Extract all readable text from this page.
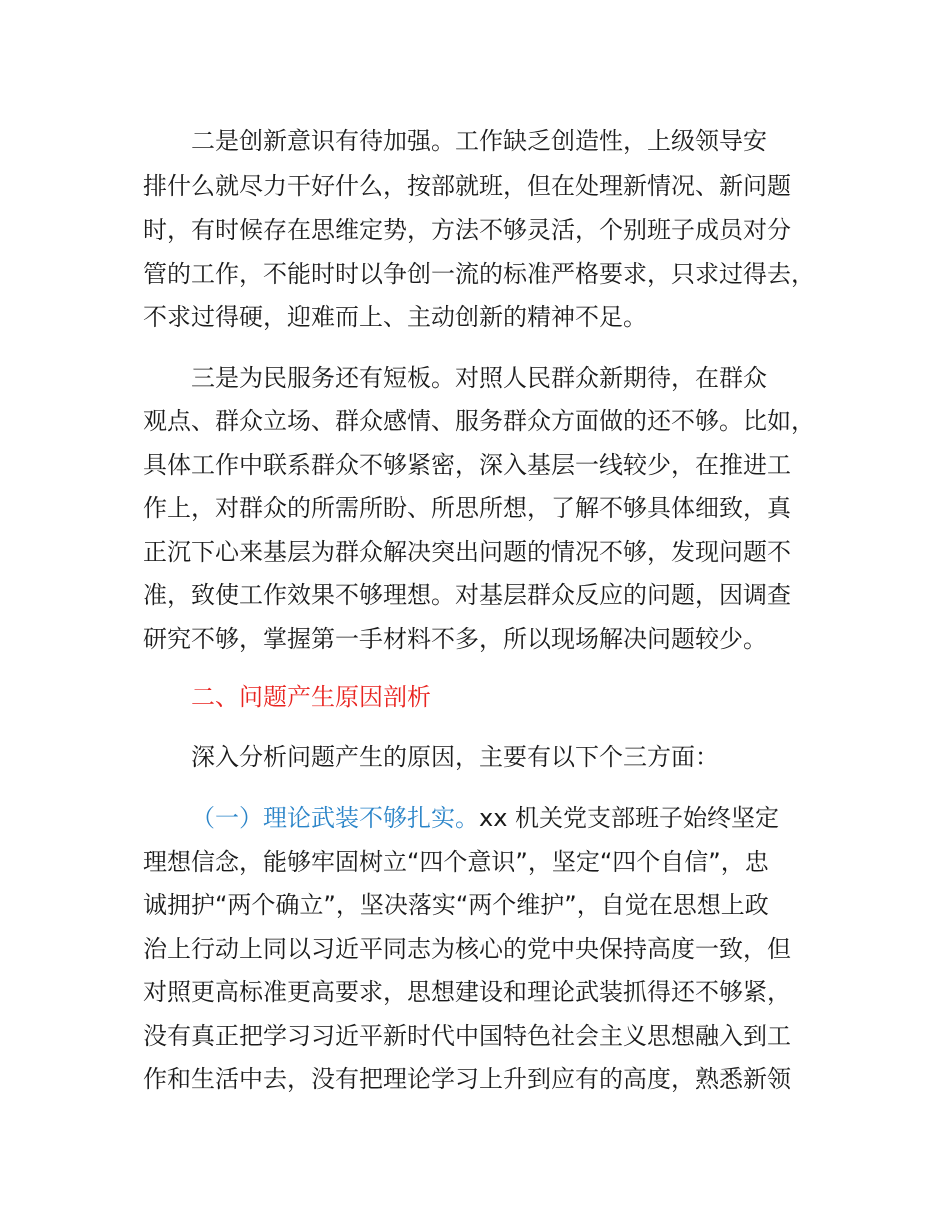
二是创新意识有待加强。工作缺乏创造性，上级领导安
排什么就尽力干好什么，按部就班，但在处理新情况、新问题
时，有时候存在思维定势，方法不够灵活，个别班子成员对分
管的工作，不能时时以争创一流的标准严格要求，只求过得去，
不求过得硬，迎难而上、主动创新的精神不足。
三是为民服务还有短板。对照人民群众新期待，在群众
观点、群众立场、群众感情、服务群众方面做的还不够。比如，
具体工作中联系群众不够紧密，深入基层一线较少，在推进工
作上，对群众的所需所盼、所思所想，了解不够具体细致，真
正沉下心来基层为群众解决突出问题的情况不够，发现问题不
准，致使工作效果不够理想。对基层群众反应的问题，因调查
研究不够，掌握第一手材料不多，所以现场解决问题较少。
二、问题产生原因剖析
深入分析问题产生的原因，主要有以下个三方面：
（一）理论武装不够扎实。xx 机关党支部班子始终坚定
理想信念，能够牢固树立“四个意识”，坚定“四个自信”，忠
诚拥护“两个确立”，坚决落实“两个维护”，自觉在思想上政
治上行动上同以习近平同志为核心的党中央保持高度一致，但
对照更高标准更高要求，思想建设和理论武装抓得还不够紧，
没有真正把学习习近平新时代中国特色社会主义思想融入到工
作和生活中去，没有把理论学习上升到应有的高度，熟悉新领
